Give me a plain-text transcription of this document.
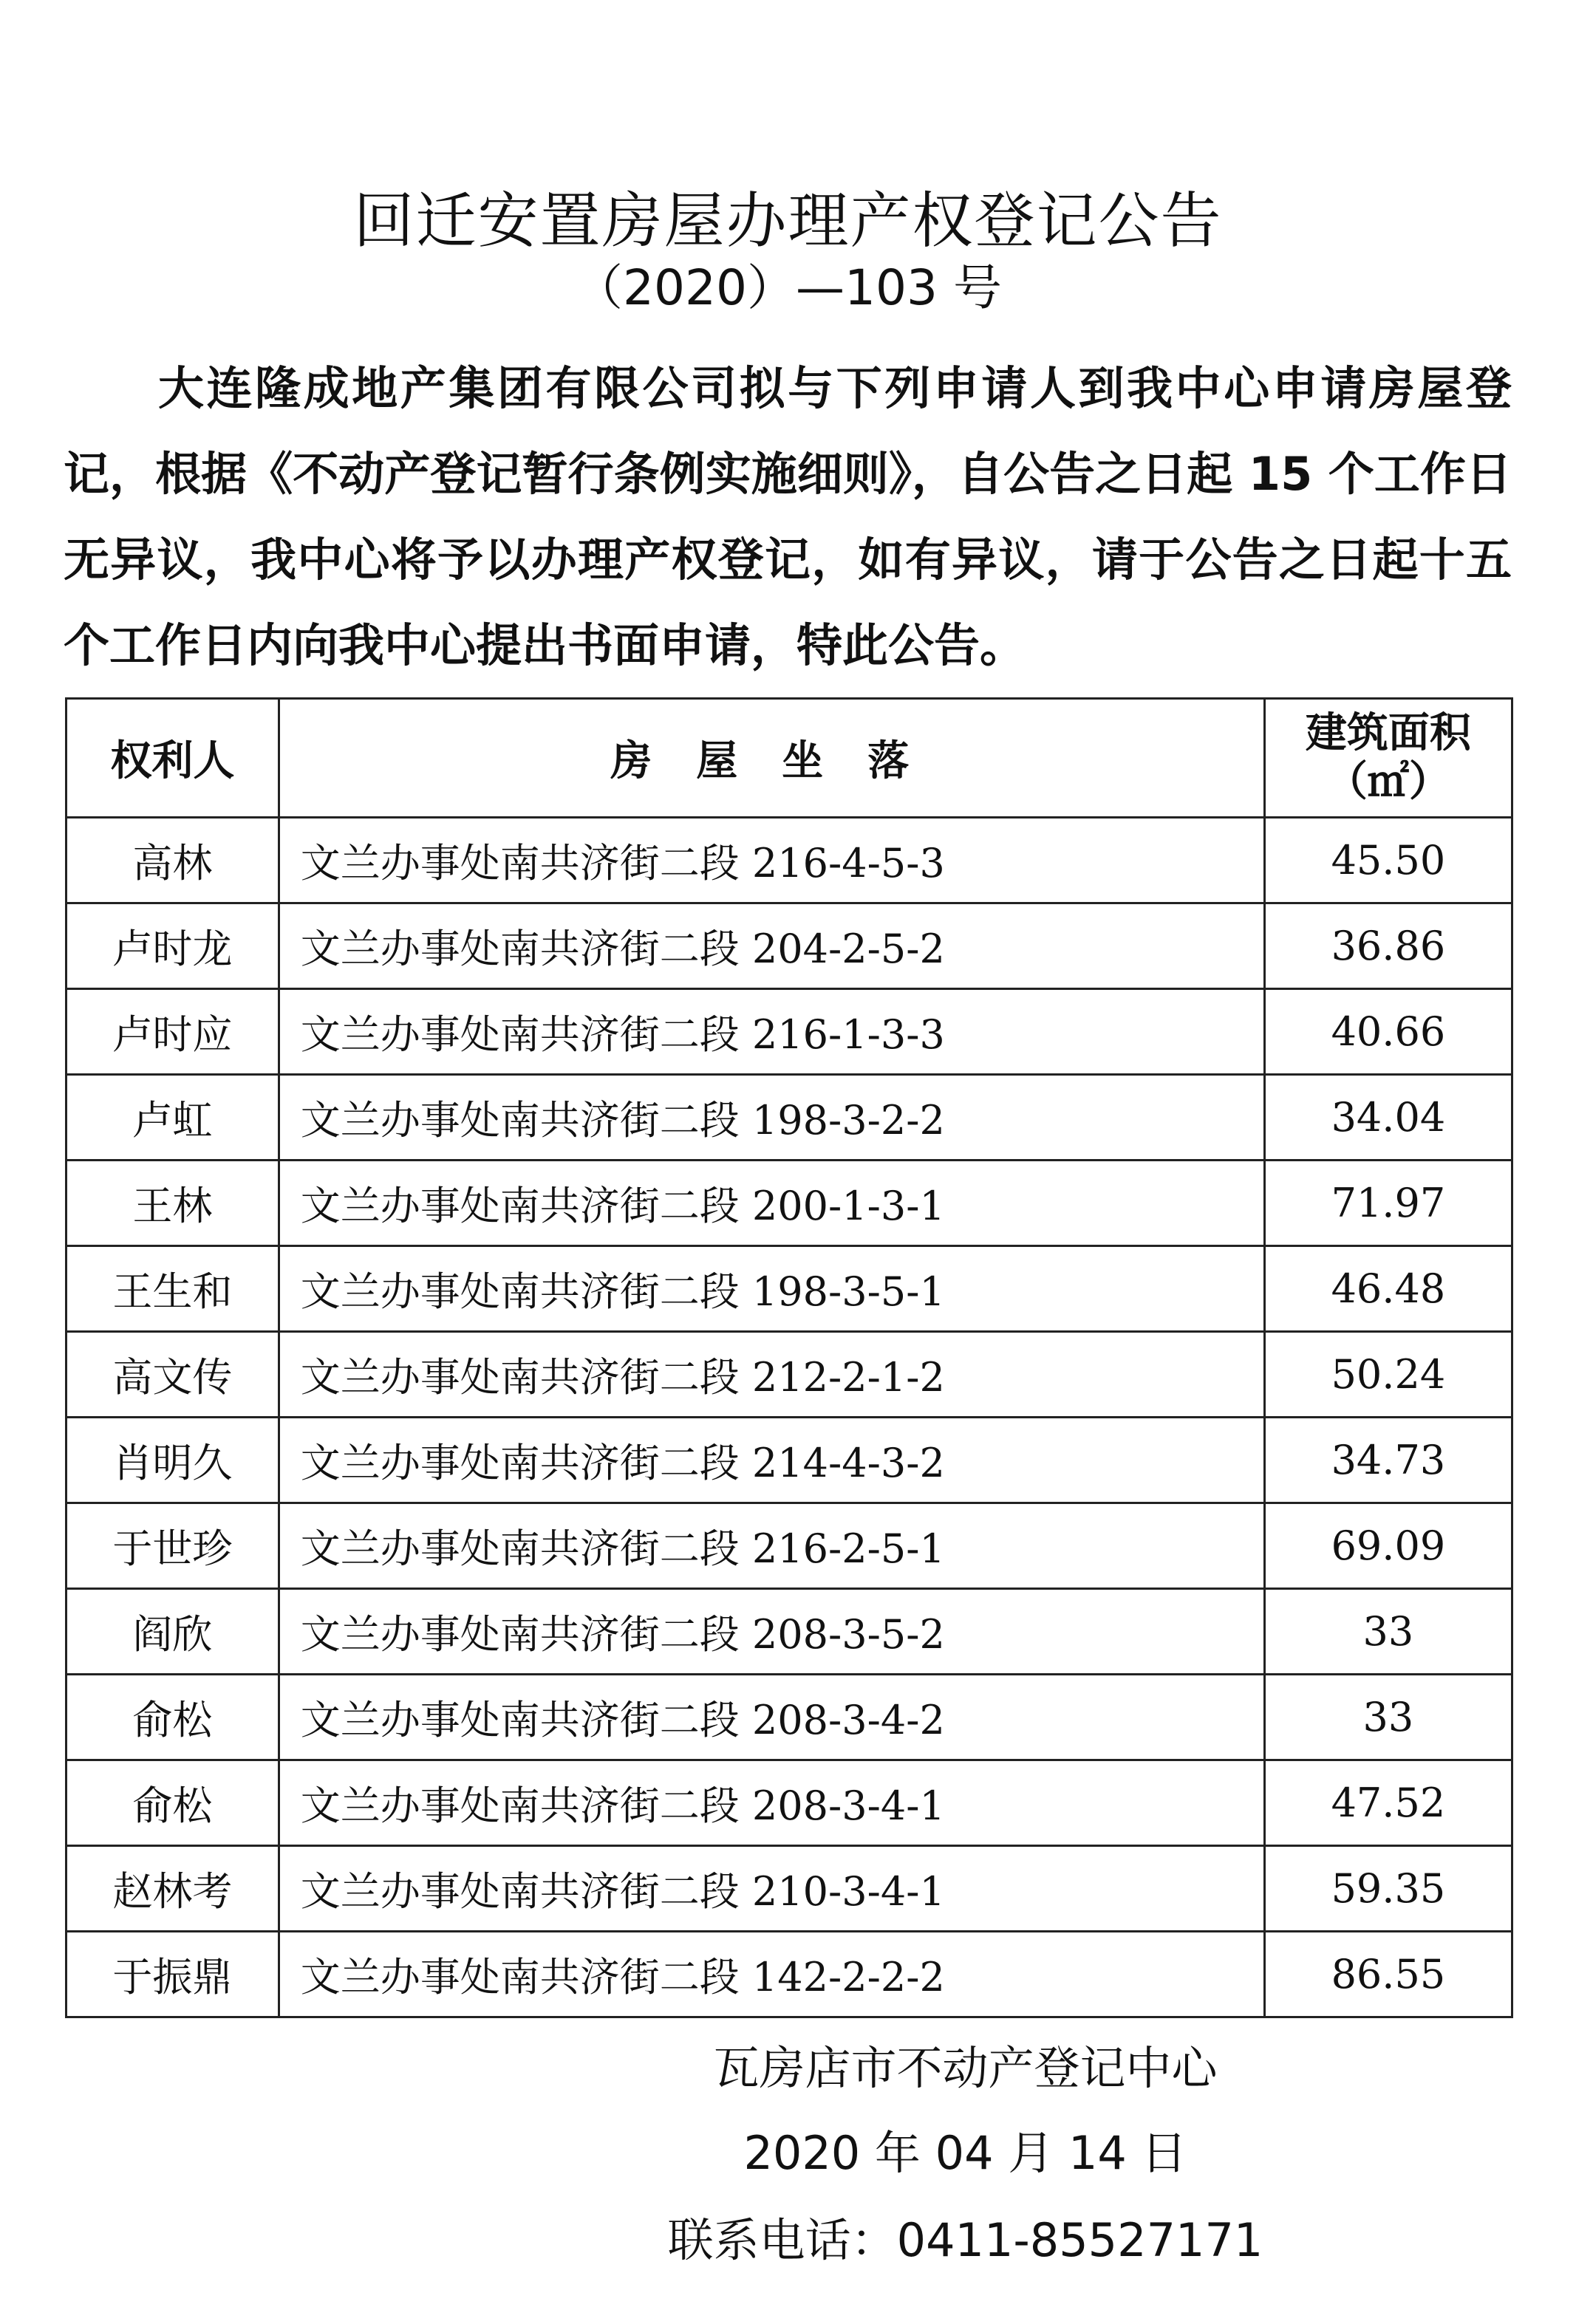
回迁安置房屋办理产权登记公告
（2020）—103 号

大连隆成地产集团有限公司拟与下列申请人到我中心申请房屋登记，根据《不动产登记暂行条例实施细则》，自公告之日起 15 个工作日无异议，我中心将予以办理产权登记，如有异议，请于公告之日起十五个工作日内向我中心提出书面申请，特此公告。

权利人	房屋坐落	建筑面积
（㎡）

高林	文兰办事处南共济街二段 216-4-5-3	45.50
卢时龙	文兰办事处南共济街二段 204-2-5-2	36.86
卢时应	文兰办事处南共济街二段 216-1-3-3	40.66
卢虹	文兰办事处南共济街二段 198-3-2-2	34.04
王林	文兰办事处南共济街二段 200-1-3-1	71.97
王生和	文兰办事处南共济街二段 198-3-5-1	46.48
高文传	文兰办事处南共济街二段 212-2-1-2	50.24
肖明久	文兰办事处南共济街二段 214-4-3-2	34.73
于世珍	文兰办事处南共济街二段 216-2-5-1	69.09
阎欣	文兰办事处南共济街二段 208-3-5-2	33
俞松	文兰办事处南共济街二段 208-3-4-2	33
俞松	文兰办事处南共济街二段 208-3-4-1	47.52
赵林考	文兰办事处南共济街二段 210-3-4-1	59.35
于振鼎	文兰办事处南共济街二段 142-2-2-2	86.55
瓦房店市不动产登记中心
2020 年 04 月 14 日
联系电话：0411-85527171
